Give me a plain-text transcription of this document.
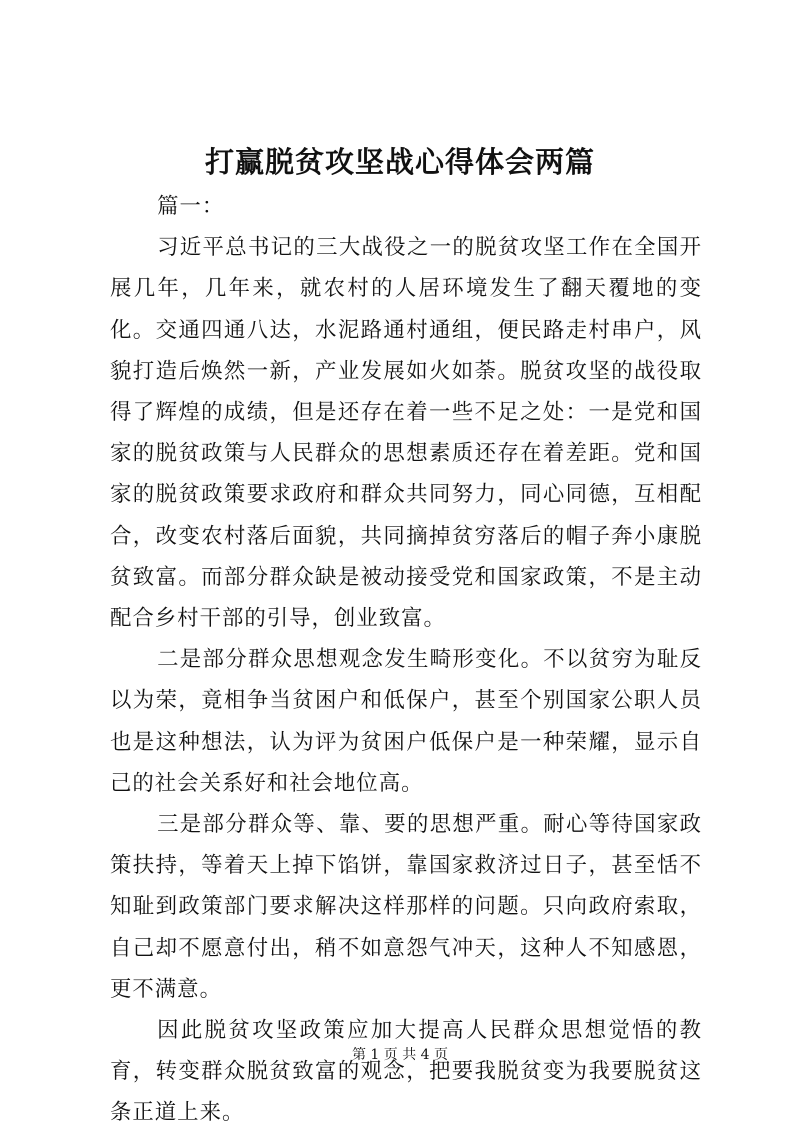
打赢脱贫攻坚战心得体会两篇

篇一：

习近平总书记的三大战役之一的脱贫攻坚工作在全国开展几年，几年来，就农村的人居环境发生了翻天覆地的变化。交通四通八达，水泥路通村通组，便民路走村串户，风貌打造后焕然一新，产业发展如火如荼。脱贫攻坚的战役取得了辉煌的成绩，但是还存在着一些不足之处：一是党和国家的脱贫政策与人民群众的思想素质还存在着差距。党和国家的脱贫政策要求政府和群众共同努力，同心同德，互相配合，改变农村落后面貌，共同摘掉贫穷落后的帽子奔小康脱贫致富。而部分群众缺是被动接受党和国家政策，不是主动配合乡村干部的引导，创业致富。

二是部分群众思想观念发生畸形变化。不以贫穷为耻反以为荣，竟相争当贫困户和低保户，甚至个别国家公职人员也是这种想法，认为评为贫困户低保户是一种荣耀，显示自己的社会关系好和社会地位高。

三是部分群众等、靠、要的思想严重。耐心等待国家政策扶持，等着天上掉下馅饼，靠国家救济过日子，甚至恬不知耻到政策部门要求解决这样那样的问题。只向政府索取，自己却不愿意付出，稍不如意怨气冲天，这种人不知感恩，更不满意。

因此脱贫攻坚政策应加大提高人民群众思想觉悟的教育，转变群众脱贫致富的观念，把要我脱贫变为我要脱贫这条正道上来。

第 1 页 共 4 页
